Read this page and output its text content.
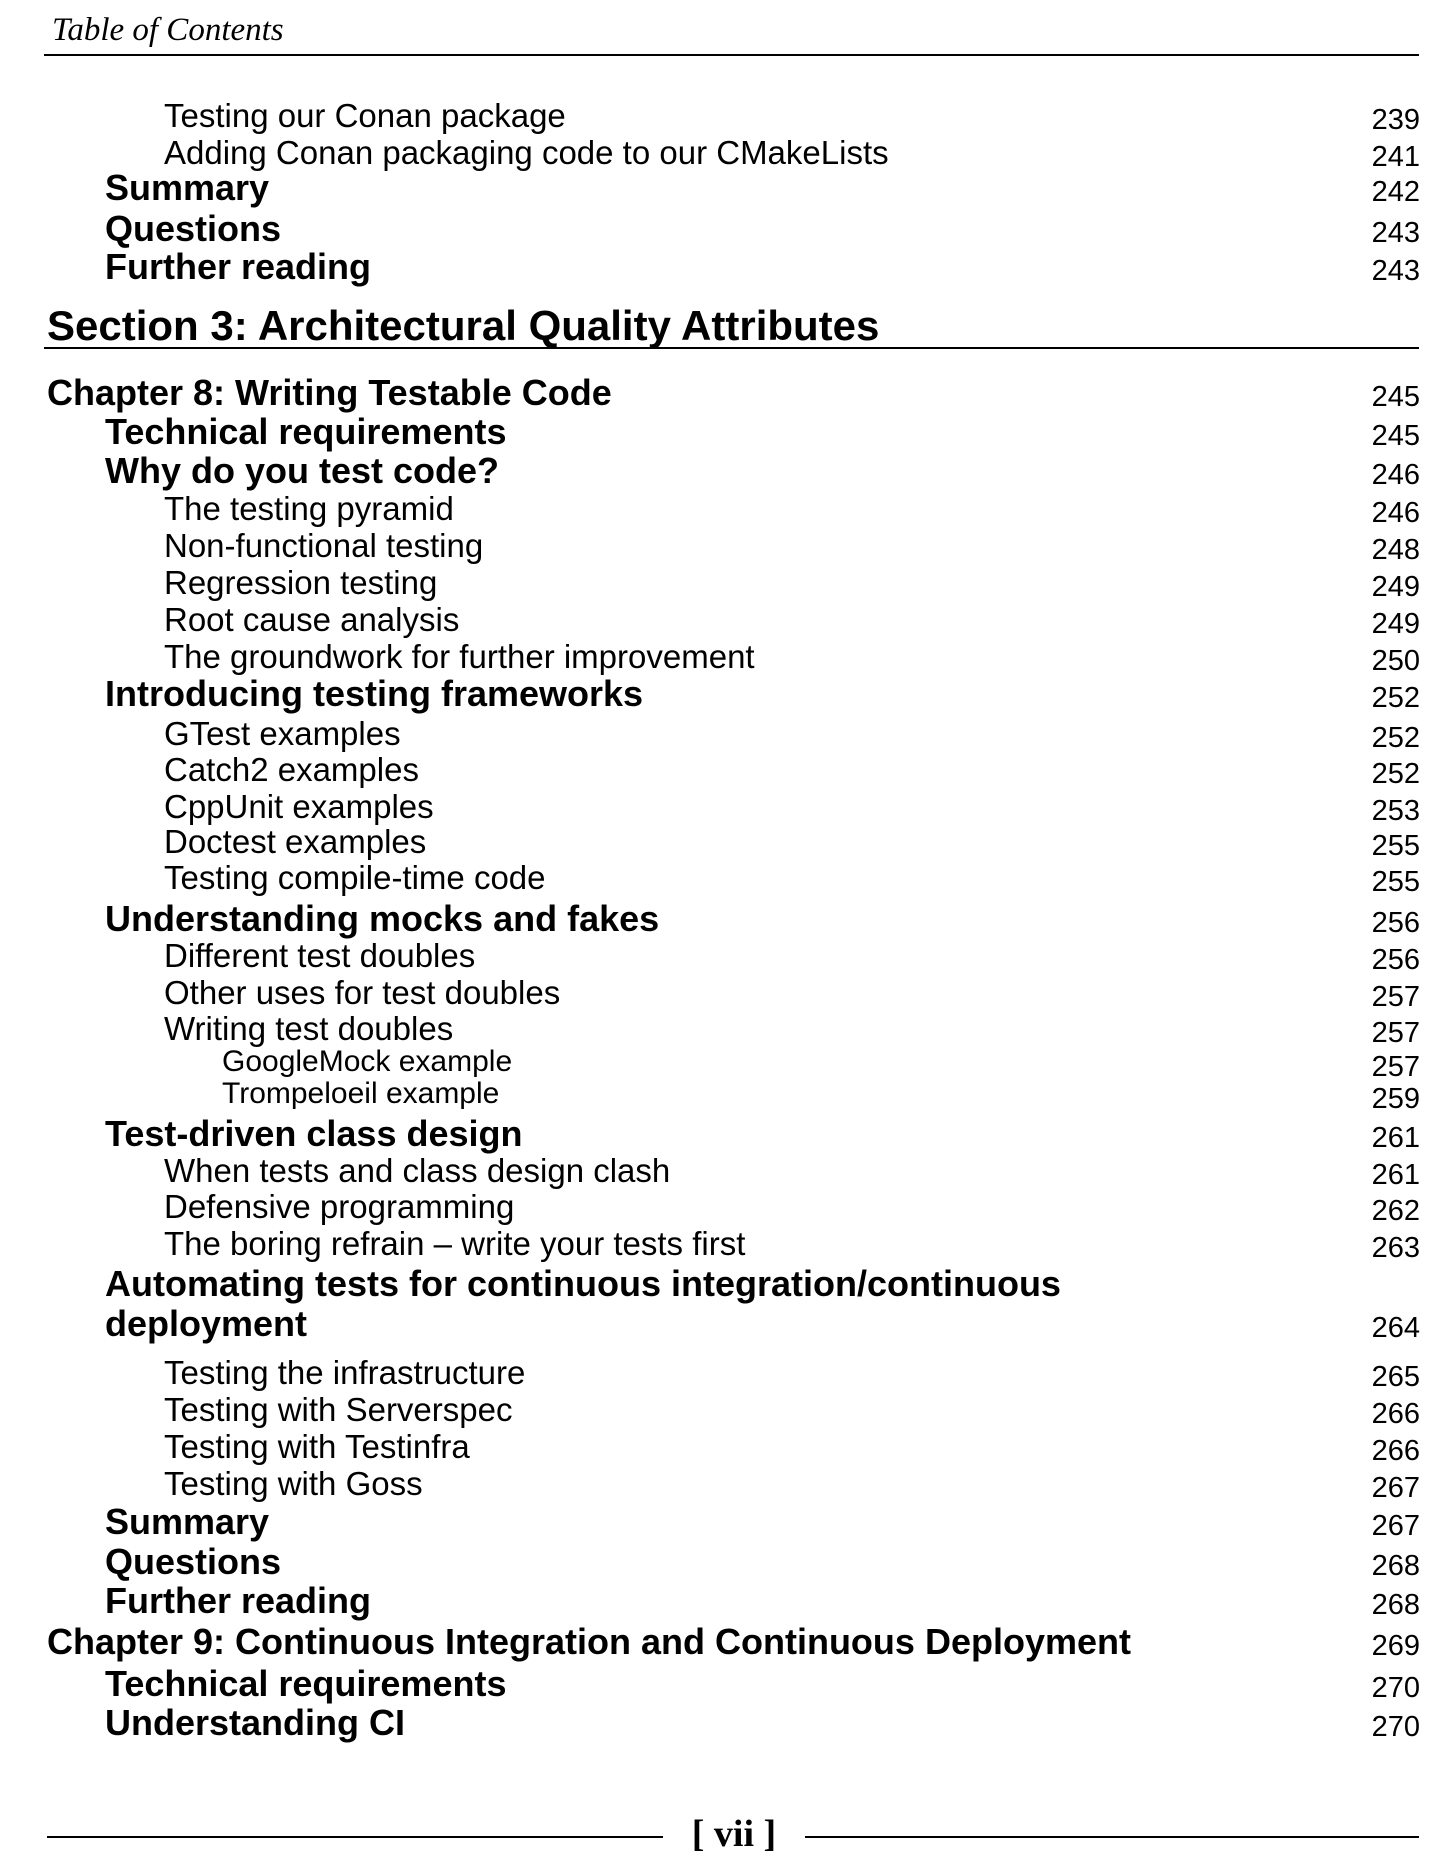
Table of Contents
Testing our Conan package	239
Adding Conan packaging code to our CMakeLists	241
Summary	242
Questions	243
Further reading	243
Section 3: Architectural Quality Attributes
Chapter 8: Writing Testable Code	245
Technical requirements	245
Why do you test code?	246
The testing pyramid	246
Non-functional testing	248
Regression testing	249
Root cause analysis	249
The groundwork for further improvement	250
Introducing testing frameworks	252
GTest examples	252
Catch2 examples	252
CppUnit examples	253
Doctest examples	255
Testing compile-time code	255
Understanding mocks and fakes	256
Different test doubles	256
Other uses for test doubles	257
Writing test doubles	257
GoogleMock example	257
Trompeloeil example	259
Test-driven class design	261
When tests and class design clash	261
Defensive programming	262
The boring refrain – write your tests first	263
Automating tests for continuous integration/continuous
deployment	264
Testing the infrastructure	265
Testing with Serverspec	266
Testing with Testinfra	266
Testing with Goss	267
Summary	267
Questions	268
Further reading	268
Chapter 9: Continuous Integration and Continuous Deployment	269
Technical requirements	270
Understanding CI	270
[ vii ]
